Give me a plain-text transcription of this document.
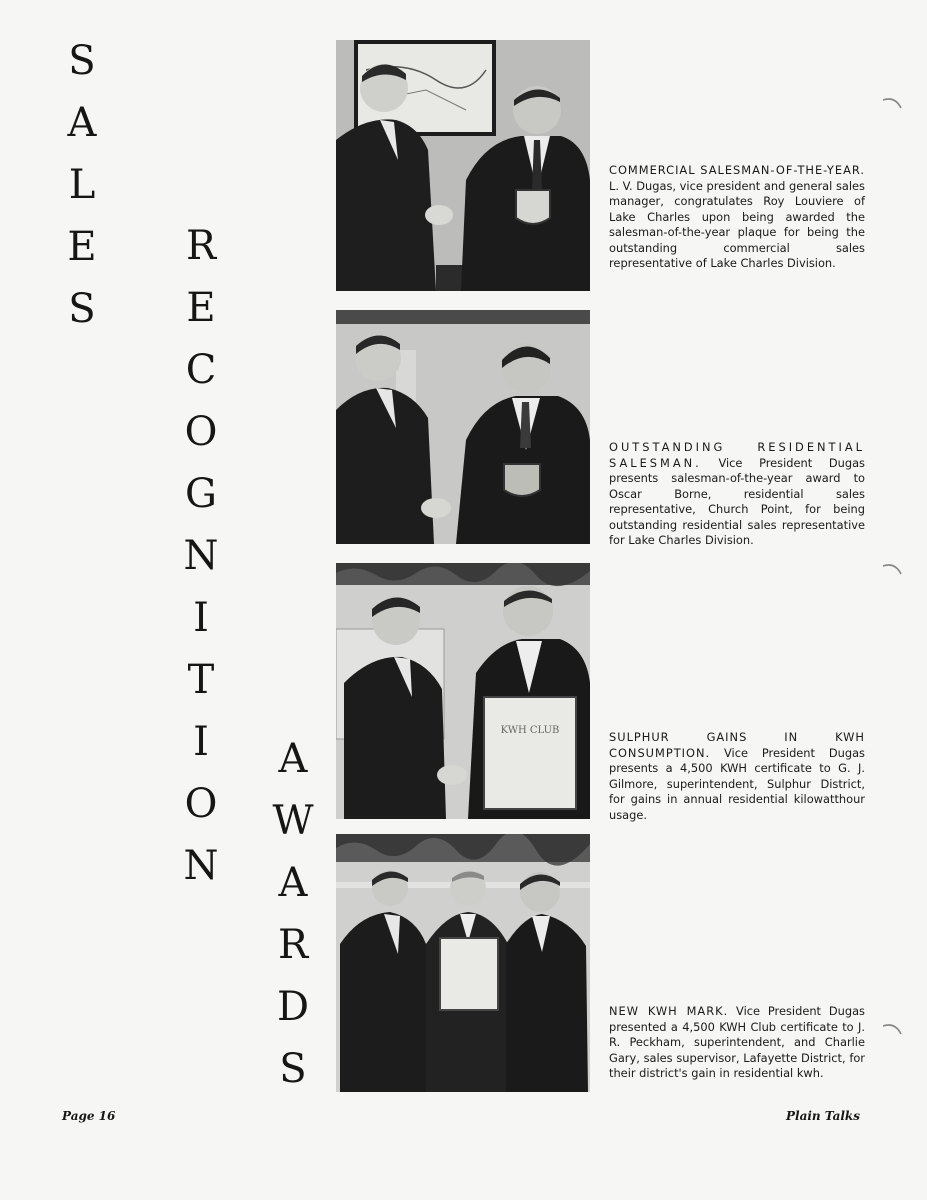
S
A
L
E
S
R
E
C
O
G
N
I
T
I
O
N
A
W
A
R
D
S
KWH CLUB

COMMERCIAL SALESMAN-OF-THE-YEAR. L. V. Dugas, vice president and general sales manager, congratulates Roy Louviere of Lake Charles upon being awarded the salesman-of-the-year plaque for being the outstanding commercial sales representative of Lake Charles Division.

OUTSTANDING RESIDENTIAL SALESMAN. Vice President Dugas presents salesman-of-the-year award to Oscar Borne, residential sales representative, Church Point, for being outstanding residential sales representative for Lake Charles Division.

SULPHUR GAINS IN KWH CONSUMPTION. Vice President Dugas presents a 4,500 KWH certificate to G. J. Gilmore, superintendent, Sulphur District, for gains in annual residential kilowatthour usage.

NEW KWH MARK. Vice President Dugas presented a 4,500 KWH Club certificate to J. R. Peckham, superintendent, and Charlie Gary, sales supervisor, Lafayette District, for their district's gain in residential kwh.

Page 16	Plain Talks
